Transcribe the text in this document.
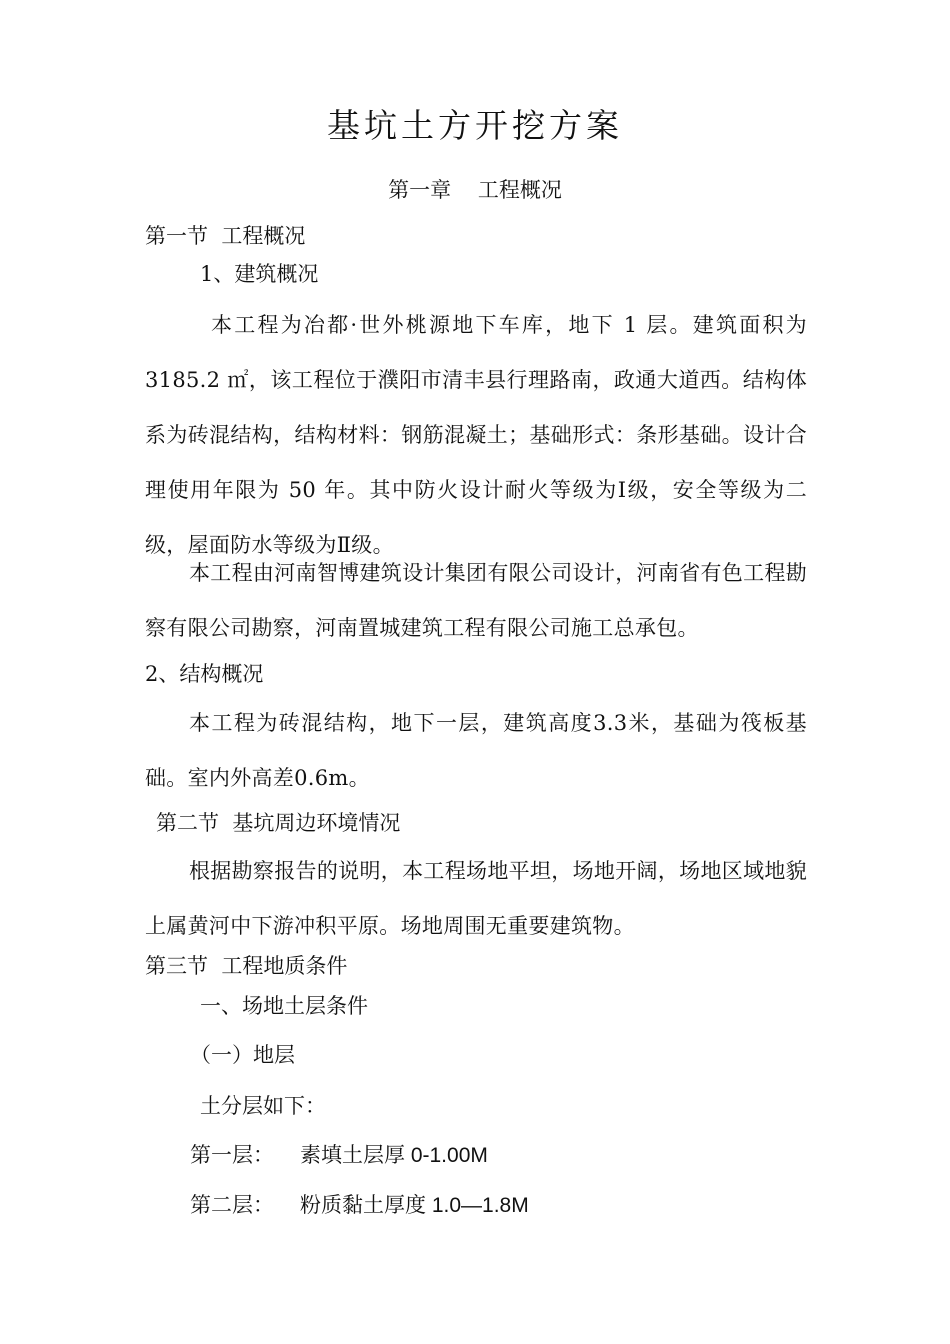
基坑土方开挖方案
第一章    工程概况
第一节  工程概况
1、建筑概况
本工程为冶都·世外桃源地下车库，地下 1 层。建筑面积为3185.2 ㎡，该工程位于濮阳市清丰县行理路南，政通大道西。结构体系为砖混结构，结构材料：钢筋混凝土；基础形式：条形基础。设计合理使用年限为 50 年。其中防火设计耐火等级为Ⅰ级，安全等级为二级，屋面防水等级为Ⅱ级。
本工程由河南智博建筑设计集团有限公司设计，河南省有色工程勘察有限公司勘察，河南置城建筑工程有限公司施工总承包。
2、结构概况
本工程为砖混结构，地下一层，建筑高度3.3米，基础为筏板基础。室内外高差0.6m。
第二节  基坑周边环境情况
根据勘察报告的说明，本工程场地平坦，场地开阔，场地区域地貌上属黄河中下游冲积平原。场地周围无重要建筑物。
第三节  工程地质条件
一、场地土层条件
（一）地层
土分层如下：
第一层： 素填土层厚 0-1.00M
第二层： 粉质黏土厚度 1.0—1.8M
